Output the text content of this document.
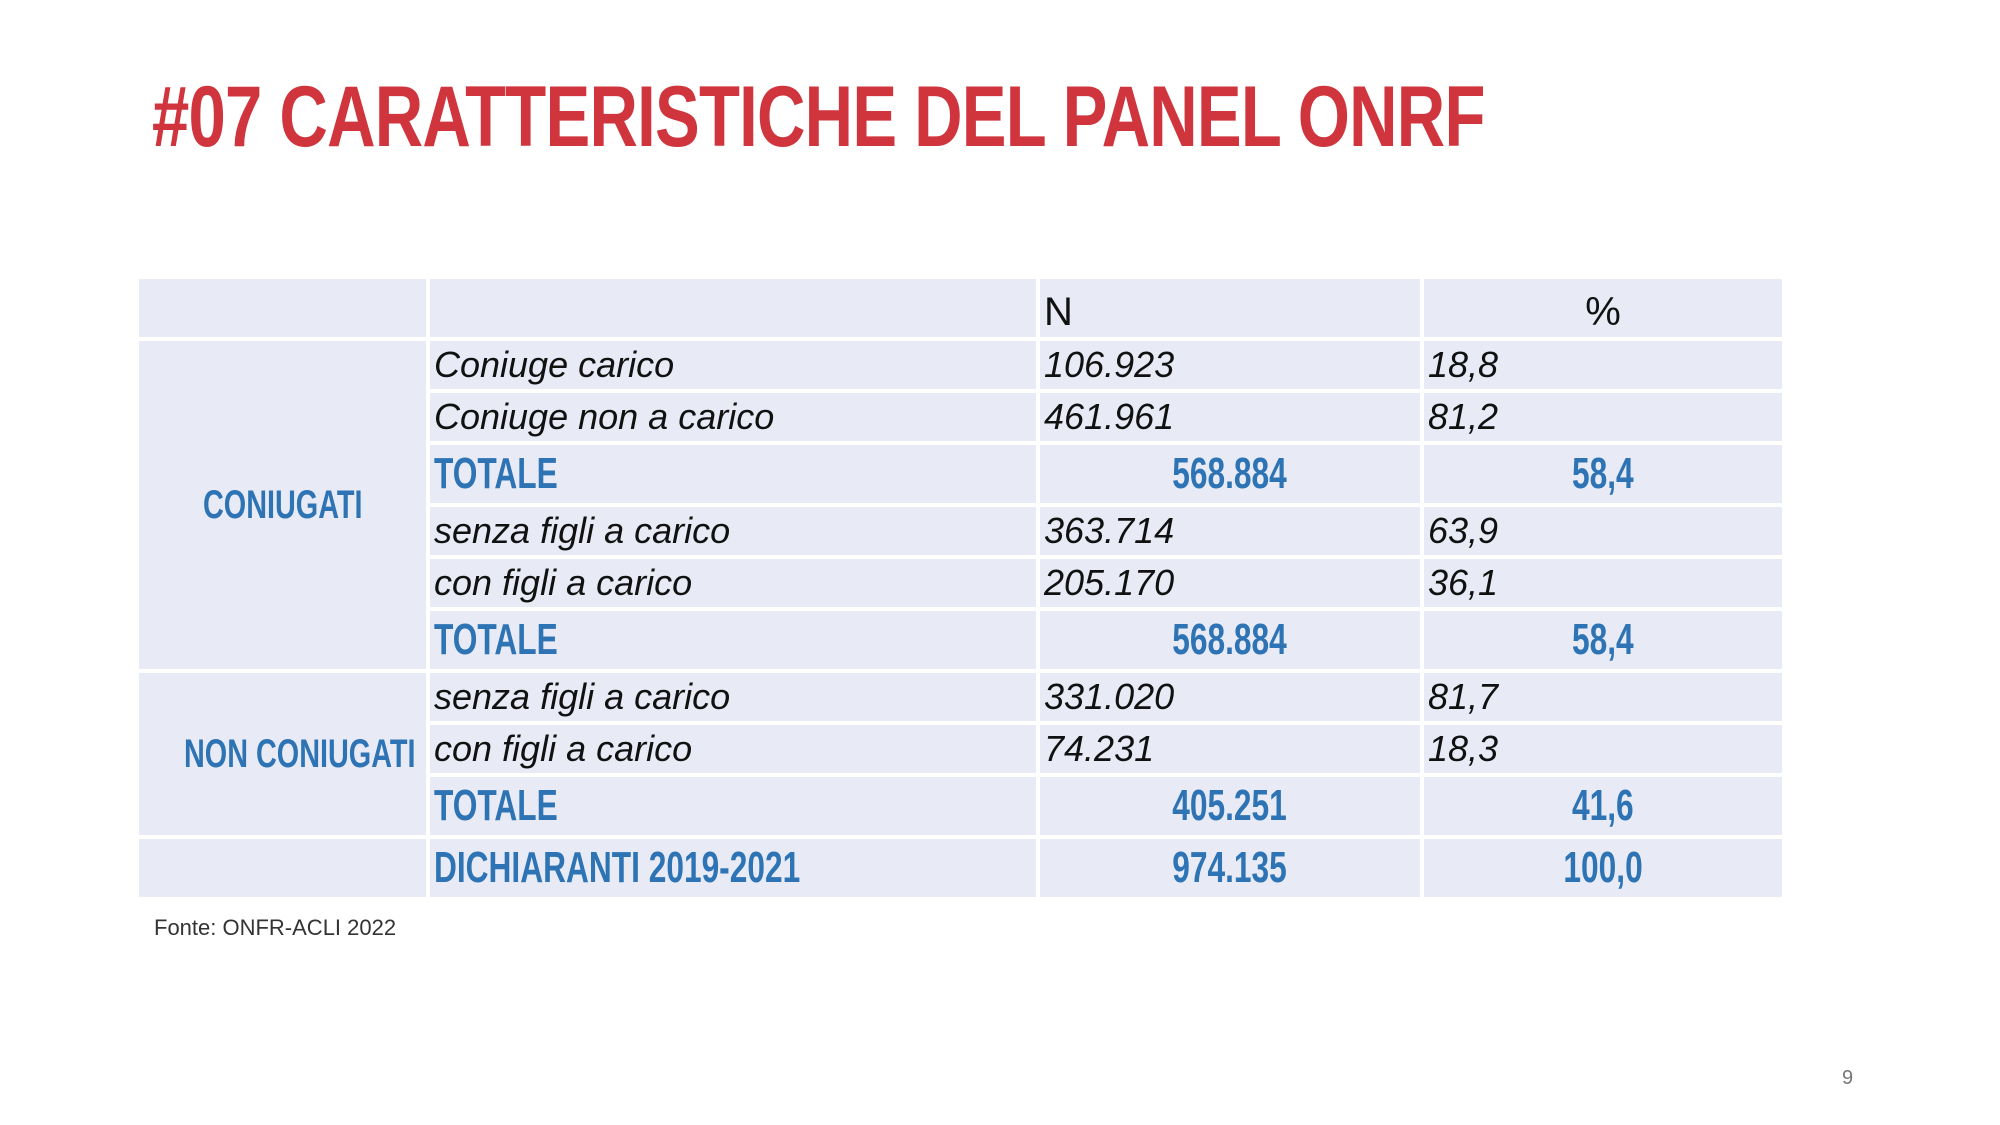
#07 CARATTERISTICHE DEL PANEL ONRF
		N	%
CONIUGATI	Coniuge carico	106.923	18,8
	Coniuge non a carico	461.961	81,2
	TOTALE	568.884	58,4
	senza figli a carico	363.714	63,9
	con figli a carico	205.170	36,1
	TOTALE	568.884	58,4
NON CONIUGATI	senza figli a carico	331.020	81,7
	con figli a carico	74.231	18,3
	TOTALE	405.251	41,6
	DICHIARANTI 2019-2021	974.135	100,0
Fonte: ONFR-ACLI 2022
9
